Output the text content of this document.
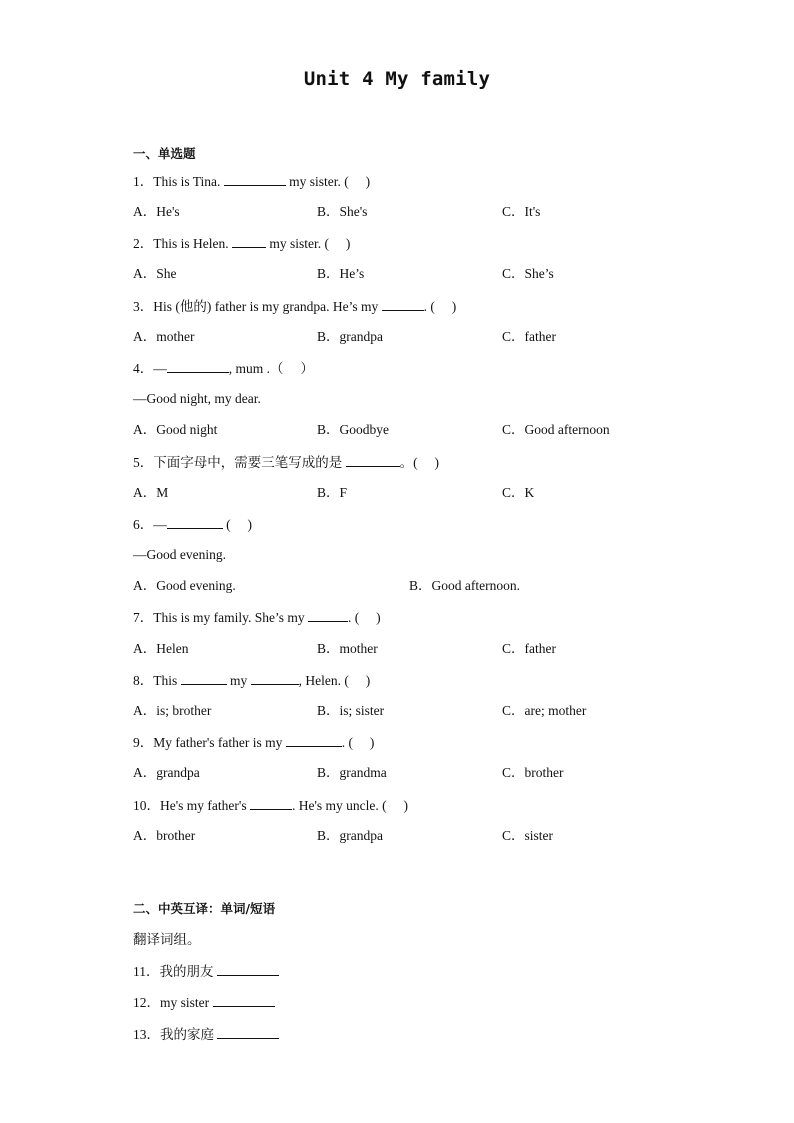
Unit 4 My family
一、单选题
1．This is Tina.	my sister. (　 )
A．He's	B．She's	C．It's
2．This is Helen.	my sister. (　 )
A．She	B．He’s	C．She’s
3．His (他的) father is my grandpa. He’s my	. (　 )
A．mother	B．grandpa	C．father
4．—	, mum .（　 ）
—Good night, my dear.
A．Good night	B．Goodbye	C．Good afternoon
5．下面字母中，需要三笔写成的是	。(　 )
A．M	B．F	C．K
6．—	(　 )
—Good evening.
A．Good evening.	B．Good afternoon.
7．This is my family. She’s my	. (　 )
A．Helen	B．mother	C．father
8．This	my	, Helen. (　 )
A．is; brother	B．is; sister	C．are; mother
9．My father's father is my	. (　 )
A．grandpa	B．grandma	C．brother
10．He's my father's	. He's my uncle. (　 )
A．brother	B．grandpa	C．sister
二、中英互译：单词/短语
翻译词组。
11．我的朋友
12．my sister
13．我的家庭
